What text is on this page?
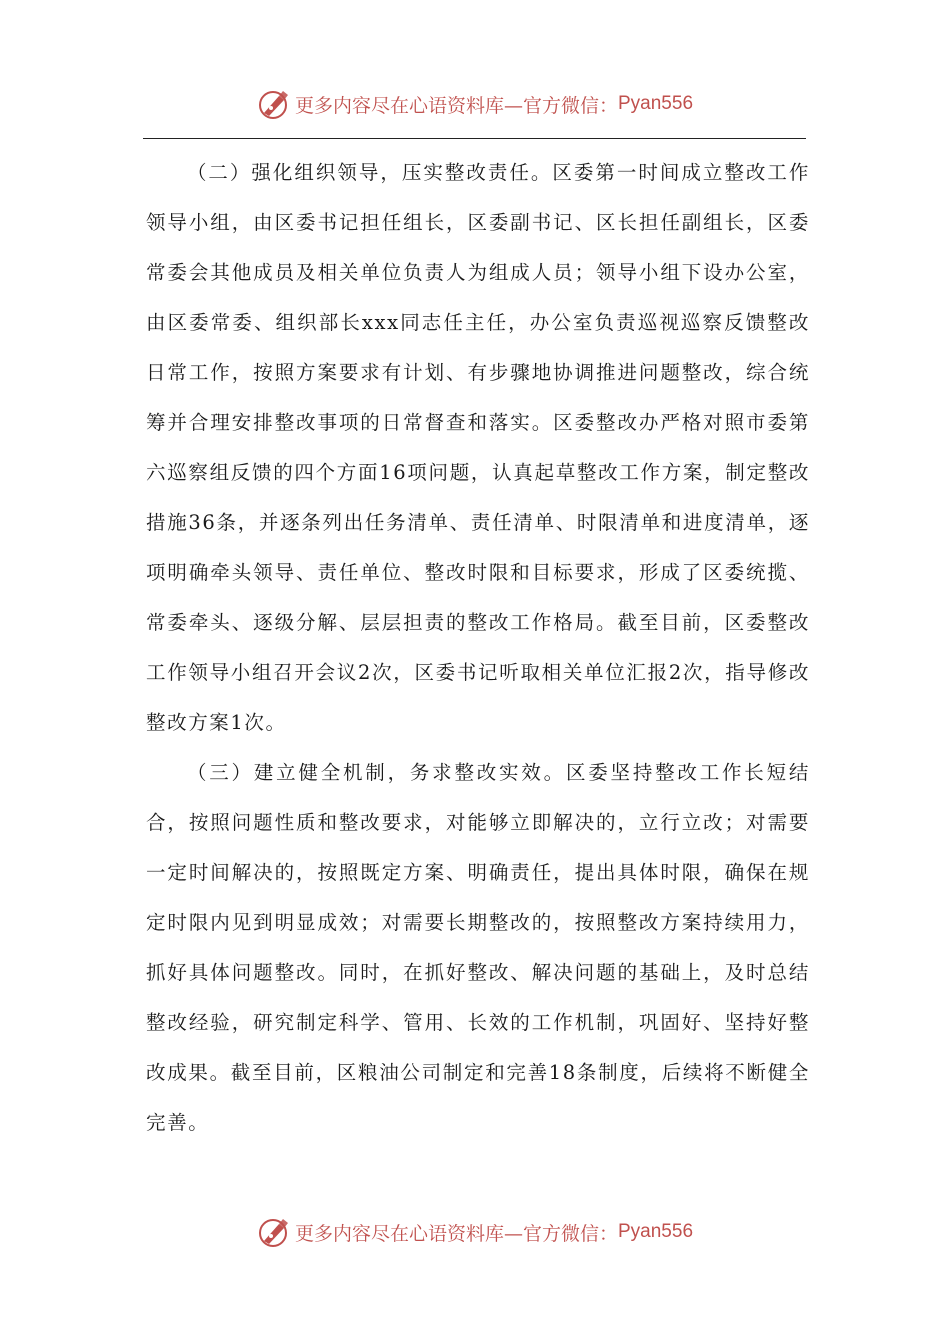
更多内容尽在心语资料库—官方微信： Pyan556

（二）强化组织领导，压实整改责任。区委第一时间成立整改工作领导小组，由区委书记担任组长，区委副书记、区长担任副组长，区委常委会其他成员及相关单位负责人为组成人员；领导小组下设办公室，由区委常委、组织部长xxx同志任主任，办公室负责巡视巡察反馈整改日常工作，按照方案要求有计划、有步骤地协调推进问题整改，综合统筹并合理安排整改事项的日常督查和落实。区委整改办严格对照市委第六巡察组反馈的四个方面16项问题，认真起草整改工作方案，制定整改措施36条，并逐条列出任务清单、责任清单、时限清单和进度清单，逐项明确牵头领导、责任单位、整改时限和目标要求，形成了区委统揽、常委牵头、逐级分解、层层担责的整改工作格局。截至目前，区委整改工作领导小组召开会议2次，区委书记听取相关单位汇报2次，指导修改整改方案1次。

（三）建立健全机制，务求整改实效。区委坚持整改工作长短结合，按照问题性质和整改要求，对能够立即解决的，立行立改；对需要一定时间解决的，按照既定方案、明确责任，提出具体时限，确保在规定时限内见到明显成效；对需要长期整改的，按照整改方案持续用力，抓好具体问题整改。同时，在抓好整改、解决问题的基础上，及时总结整改经验，研究制定科学、管用、长效的工作机制，巩固好、坚持好整改成果。截至目前，区粮油公司制定和完善18条制度，后续将不断健全完善。

更多内容尽在心语资料库—官方微信： Pyan556
